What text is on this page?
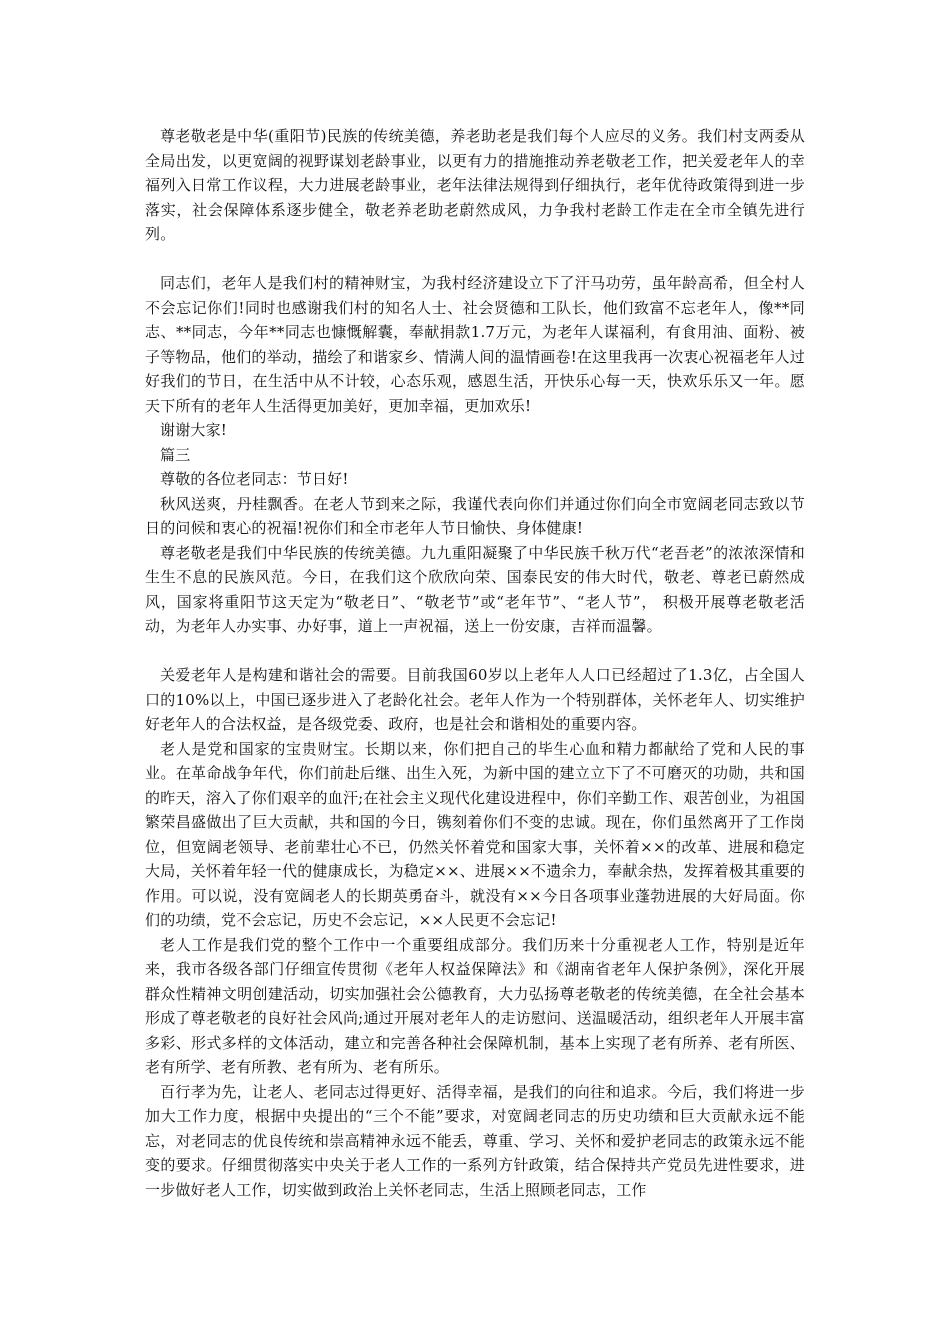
尊老敬老是中华(重阳节)民族的传统美德，养老助老是我们每个人应尽的义务。我们村支两委从全局出发，以更宽阔的视野谋划老龄事业，以更有力的措施推动养老敬老工作，把关爱老年人的幸福列入日常工作议程，大力进展老龄事业，老年法律法规得到仔细执行，老年优待政策得到进一步落实，社会保障体系逐步健全，敬老养老助老蔚然成风，力争我村老龄工作走在全市全镇先进行列。

同志们，老年人是我们村的精神财宝，为我村经济建设立下了汗马功劳，虽年龄高希，但全村人不会忘记你们!同时也感谢我们村的知名人士、社会贤德和工队长，他们致富不忘老年人，像**同志、**同志，今年**同志也慷慨解囊，奉献捐款1.7万元，为老年人谋福利，有食用油、面粉、被子等物品，他们的举动，描绘了和谐家乡、情满人间的温情画卷!在这里我再一次衷心祝福老年人过好我们的节日，在生活中从不计较，心态乐观，感恩生活，开快乐心每一天，快欢乐乐又一年。愿天下所有的老年人生活得更加美好，更加幸福，更加欢乐!

谢谢大家!

篇三

尊敬的各位老同志：节日好!

秋风送爽，丹桂飘香。在老人节到来之际，我谨代表向你们并通过你们向全市宽阔老同志致以节日的问候和衷心的祝福!祝你们和全市老年人节日愉快、身体健康!

尊老敬老是我们中华民族的传统美德。九九重阳凝聚了中华民族千秋万代“老吾老”的浓浓深情和生生不息的民族风范。今日，在我们这个欣欣向荣、国泰民安的伟大时代，敬老、尊老已蔚然成风，国家将重阳节这天定为“敬老日”、“敬老节”或“老年节”、“老人节”， 积极开展尊老敬老活动，为老年人办实事、办好事，道上一声祝福，送上一份安康，吉祥而温馨。

关爱老年人是构建和谐社会的需要。目前我国60岁以上老年人人口已经超过了1.3亿，占全国人口的10%以上，中国已逐步进入了老龄化社会。老年人作为一个特别群体，关怀老年人、切实维护好老年人的合法权益，是各级党委、政府，也是社会和谐相处的重要内容。

老人是党和国家的宝贵财宝。长期以来，你们把自己的毕生心血和精力都献给了党和人民的事业。在革命战争年代，你们前赴后继、出生入死，为新中国的建立立下了不可磨灭的功勋，共和国的昨天，溶入了你们艰辛的血汗;在社会主义现代化建设进程中，你们辛勤工作、艰苦创业，为祖国繁荣昌盛做出了巨大贡献，共和国的今日，镌刻着你们不变的忠诚。现在，你们虽然离开了工作岗位，但宽阔老领导、老前辈壮心不已，仍然关怀着党和国家大事，关怀着××的改革、进展和稳定大局，关怀着年轻一代的健康成长，为稳定××、进展××不遗余力，奉献余热，发挥着极其重要的作用。可以说，没有宽阔老人的长期英勇奋斗，就没有××今日各项事业蓬勃进展的大好局面。你们的功绩，党不会忘记，历史不会忘记，××人民更不会忘记!

老人工作是我们党的整个工作中一个重要组成部分。我们历来十分重视老人工作，特别是近年来，我市各级各部门仔细宣传贯彻《老年人权益保障法》和《湖南省老年人保护条例》，深化开展群众性精神文明创建活动，切实加强社会公德教育，大力弘扬尊老敬老的传统美德，在全社会基本形成了尊老敬老的良好社会风尚;通过开展对老年人的走访慰问、送温暖活动，组织老年人开展丰富多彩、形式多样的文体活动，建立和完善各种社会保障机制，基本上实现了老有所养、老有所医、老有所学、老有所教、老有所为、老有所乐。

百行孝为先，让老人、老同志过得更好、活得幸福，是我们的向往和追求。今后，我们将进一步加大工作力度，根据中央提出的“三个不能”要求，对宽阔老同志的历史功绩和巨大贡献永远不能忘，对老同志的优良传统和崇高精神永远不能丢，尊重、学习、关怀和爱护老同志的政策永远不能变的要求。仔细贯彻落实中央关于老人工作的一系列方针政策，结合保持共产党员先进性要求，进一步做好老人工作，切实做到政治上关怀老同志，生活上照顾老同志，工作
